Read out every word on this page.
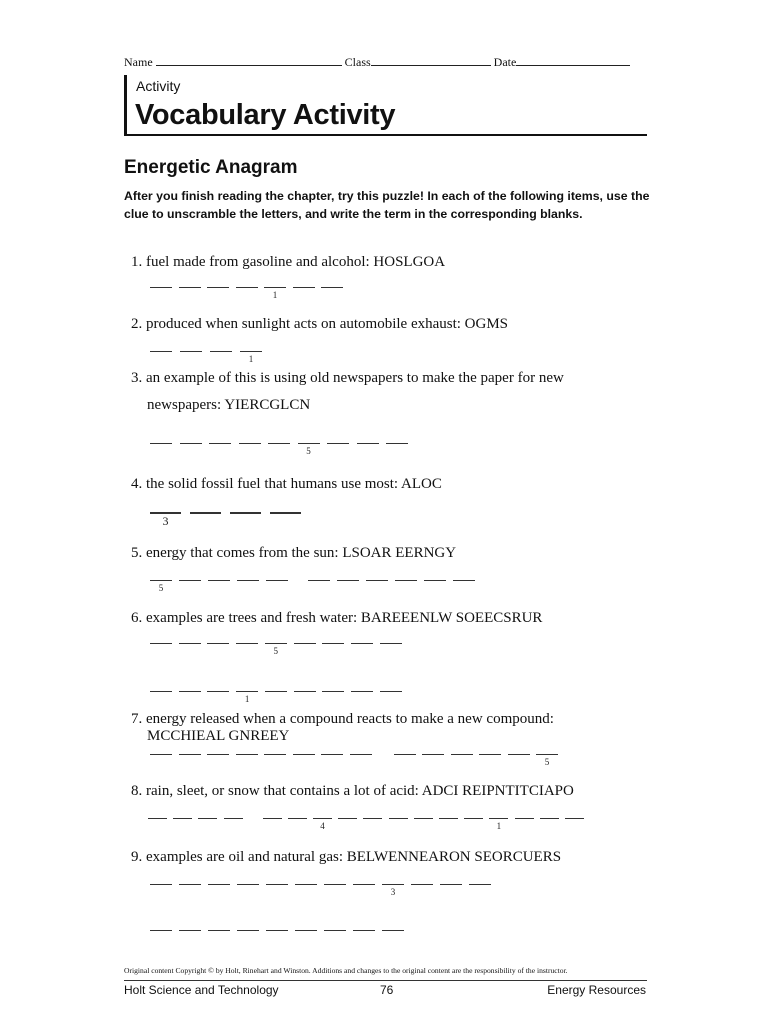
Name	Class	Date
Activity
Vocabulary Activity
Energetic Anagram
After you finish reading the chapter, try this puzzle! In each of the following items, use the clue to unscramble the letters, and write the term in the corresponding blanks.
1. fuel made from gasoline and alcohol: HOSLGOA
2. produced when sunlight acts on automobile exhaust: OGMS
3. an example of this is using old newspapers to make the paper for new
newspapers: YIERCGLCN
4. the solid fossil fuel that humans use most: ALOC
5. energy that comes from the sun: LSOAR EERNGY
6. examples are trees and fresh water: BAREEENLW SOEECSRUR
7. energy released when a compound reacts to make a new compound:
MCCHIEAL GNREEY
8. rain, sleet, or snow that contains a lot of acid: ADCI REIPNTITCIAPO
9. examples are oil and natural gas: BELWENNEARON SEORCUERS
1
1
5
3
5
5
1
5
4	1
3
Original content Copyright © by Holt, Rinehart and Winston. Additions and changes to the original content are the responsibility of the instructor.
Holt Science and Technology	76	Energy Resources
